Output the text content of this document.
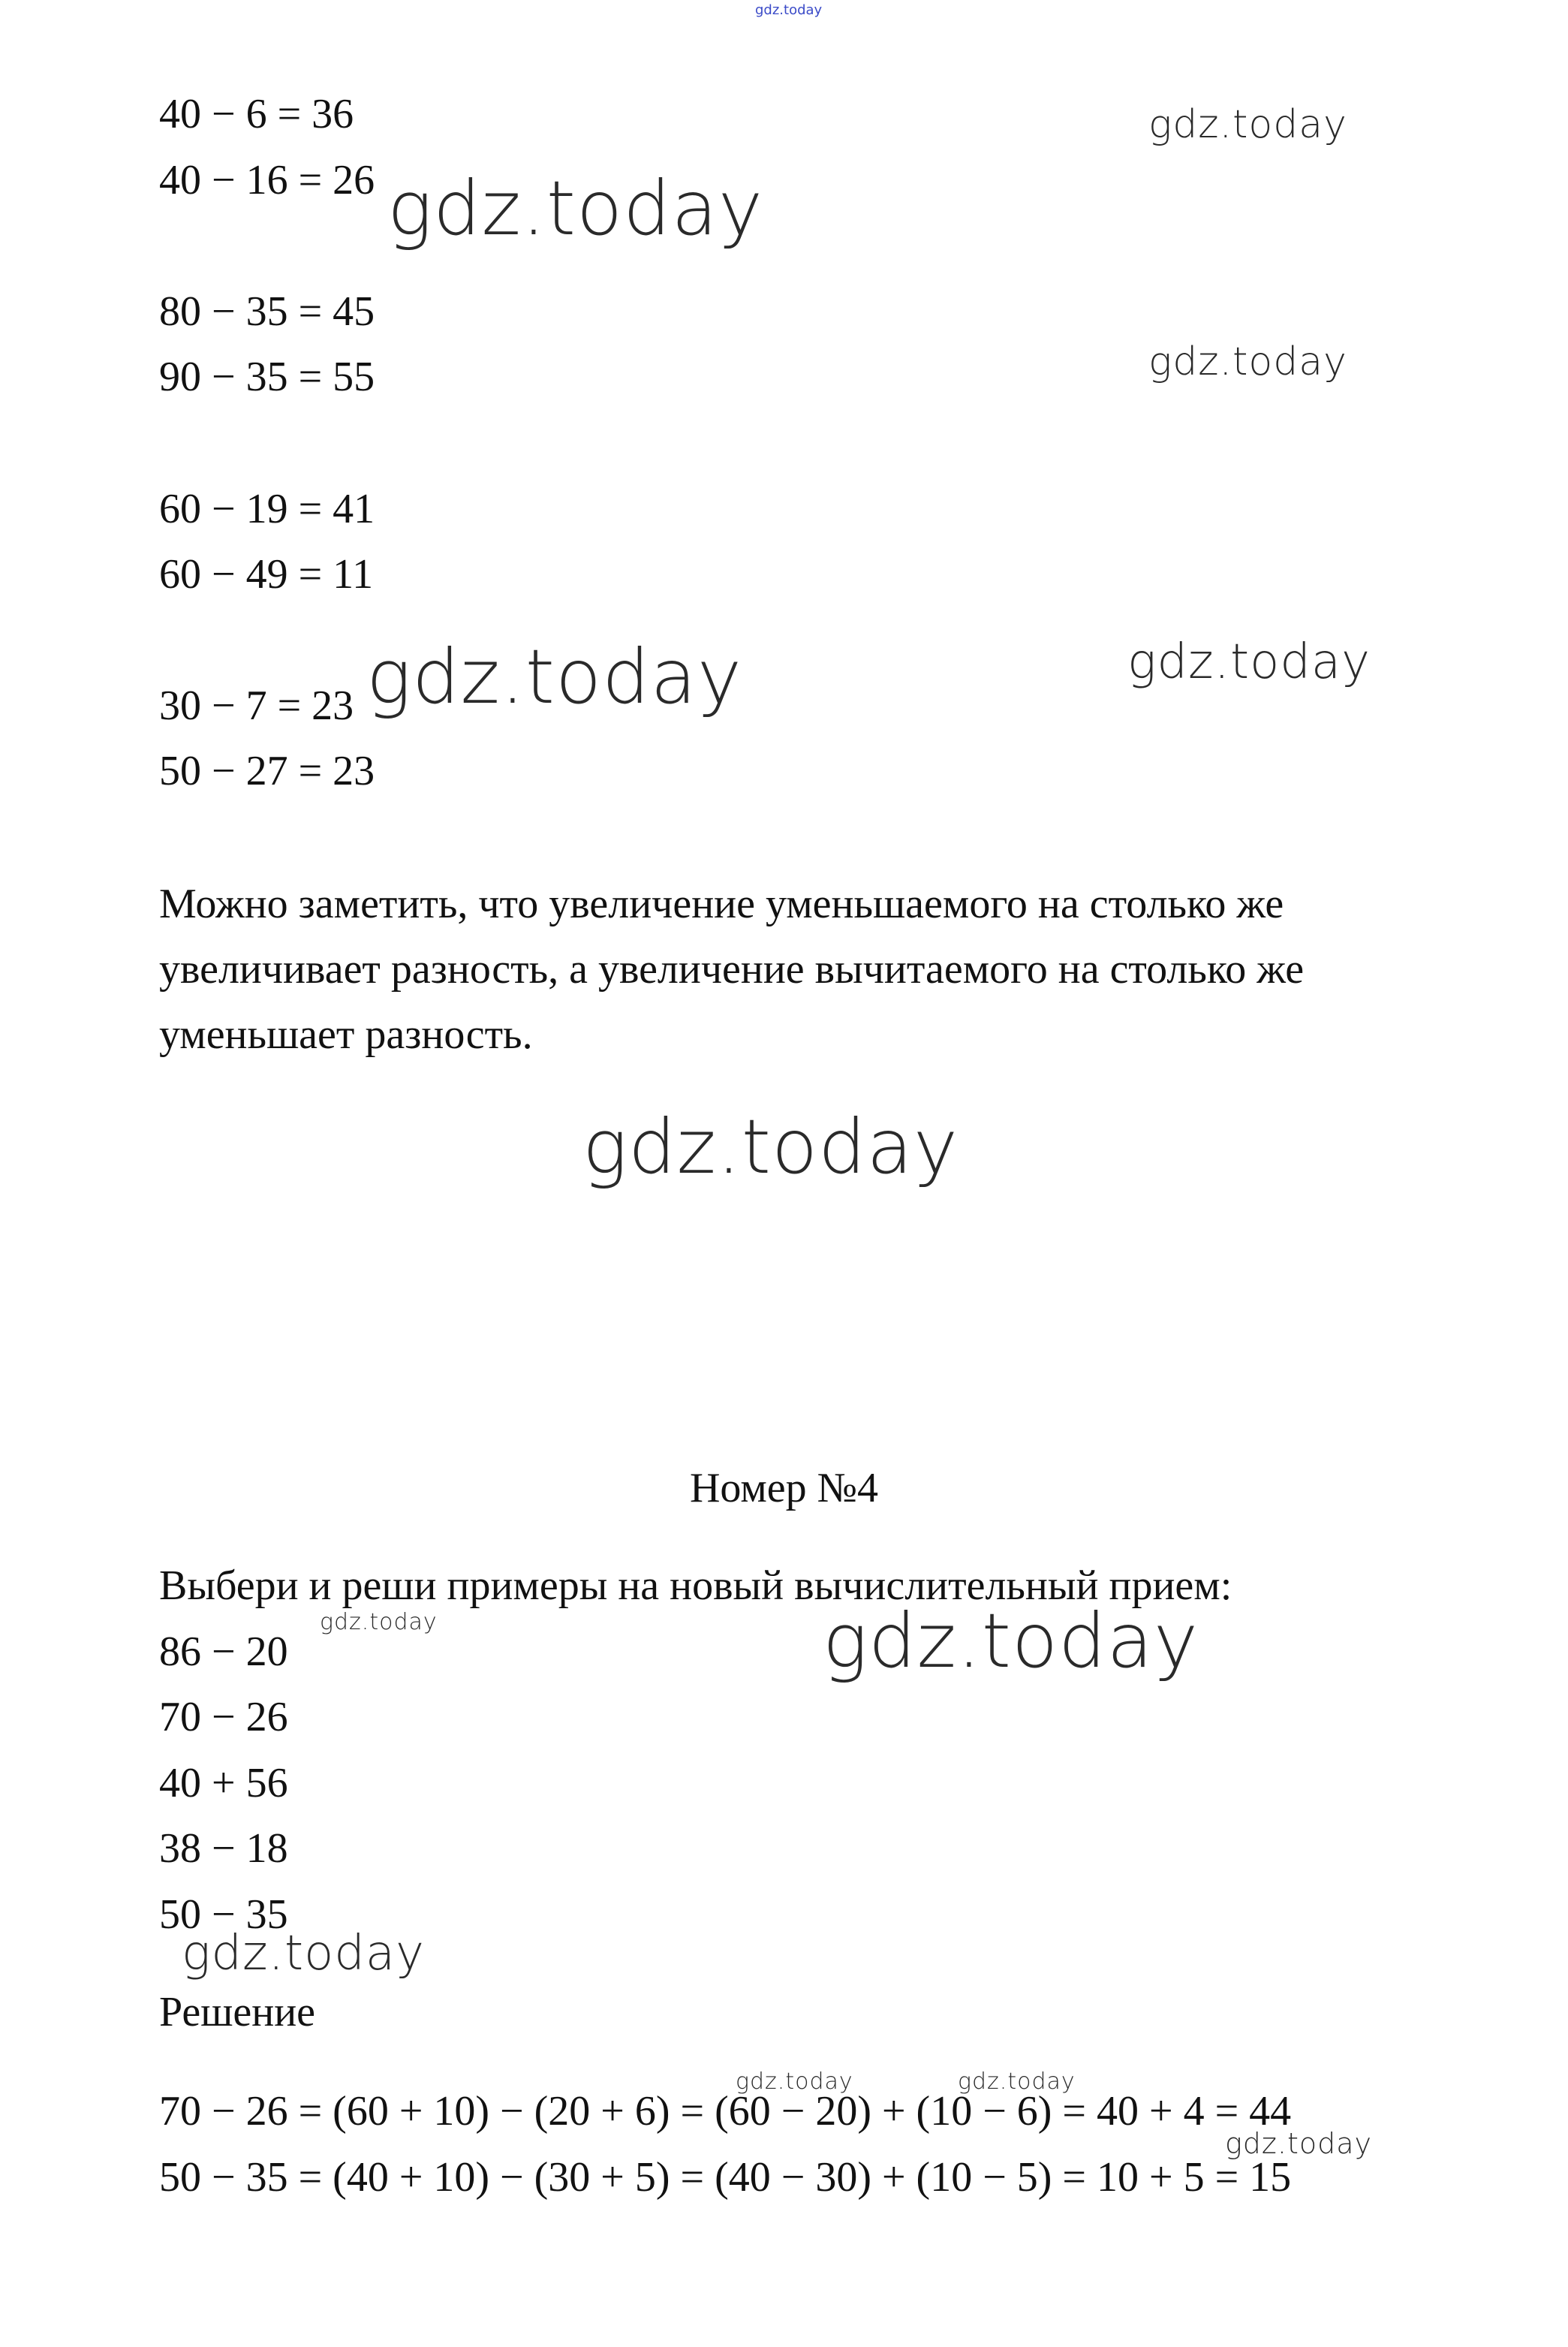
gdz.today
40 − 6 = 36
40 − 16 = 26
80 − 35 = 45
90 − 35 = 55
60 − 19 = 41
60 − 49 = 11
30 − 7 = 23
50 − 27 = 23
Можно заметить, что увеличение уменьшаемого на столько же
увеличивает разность, а увеличение вычитаемого на столько же
уменьшает разность.
Номер №4
Выбери и реши примеры на новый вычислительный прием:
86 − 20
70 − 26
40 + 56
38 − 18
50 − 35
Решение
70 − 26 = (60 + 10) − (20 + 6) = (60 − 20) + (10 − 6) = 40 + 4 = 44
50 − 35 = (40 + 10) − (30 + 5) = (40 − 30) + (10 − 5) = 10 + 5 = 15
gdz.today
gdz.today
gdz.today
gdz.today	gdz.today
gdz.today
gdz.today	gdz.today
gdz.today
gdz.today	gdz.today
gdz.today
